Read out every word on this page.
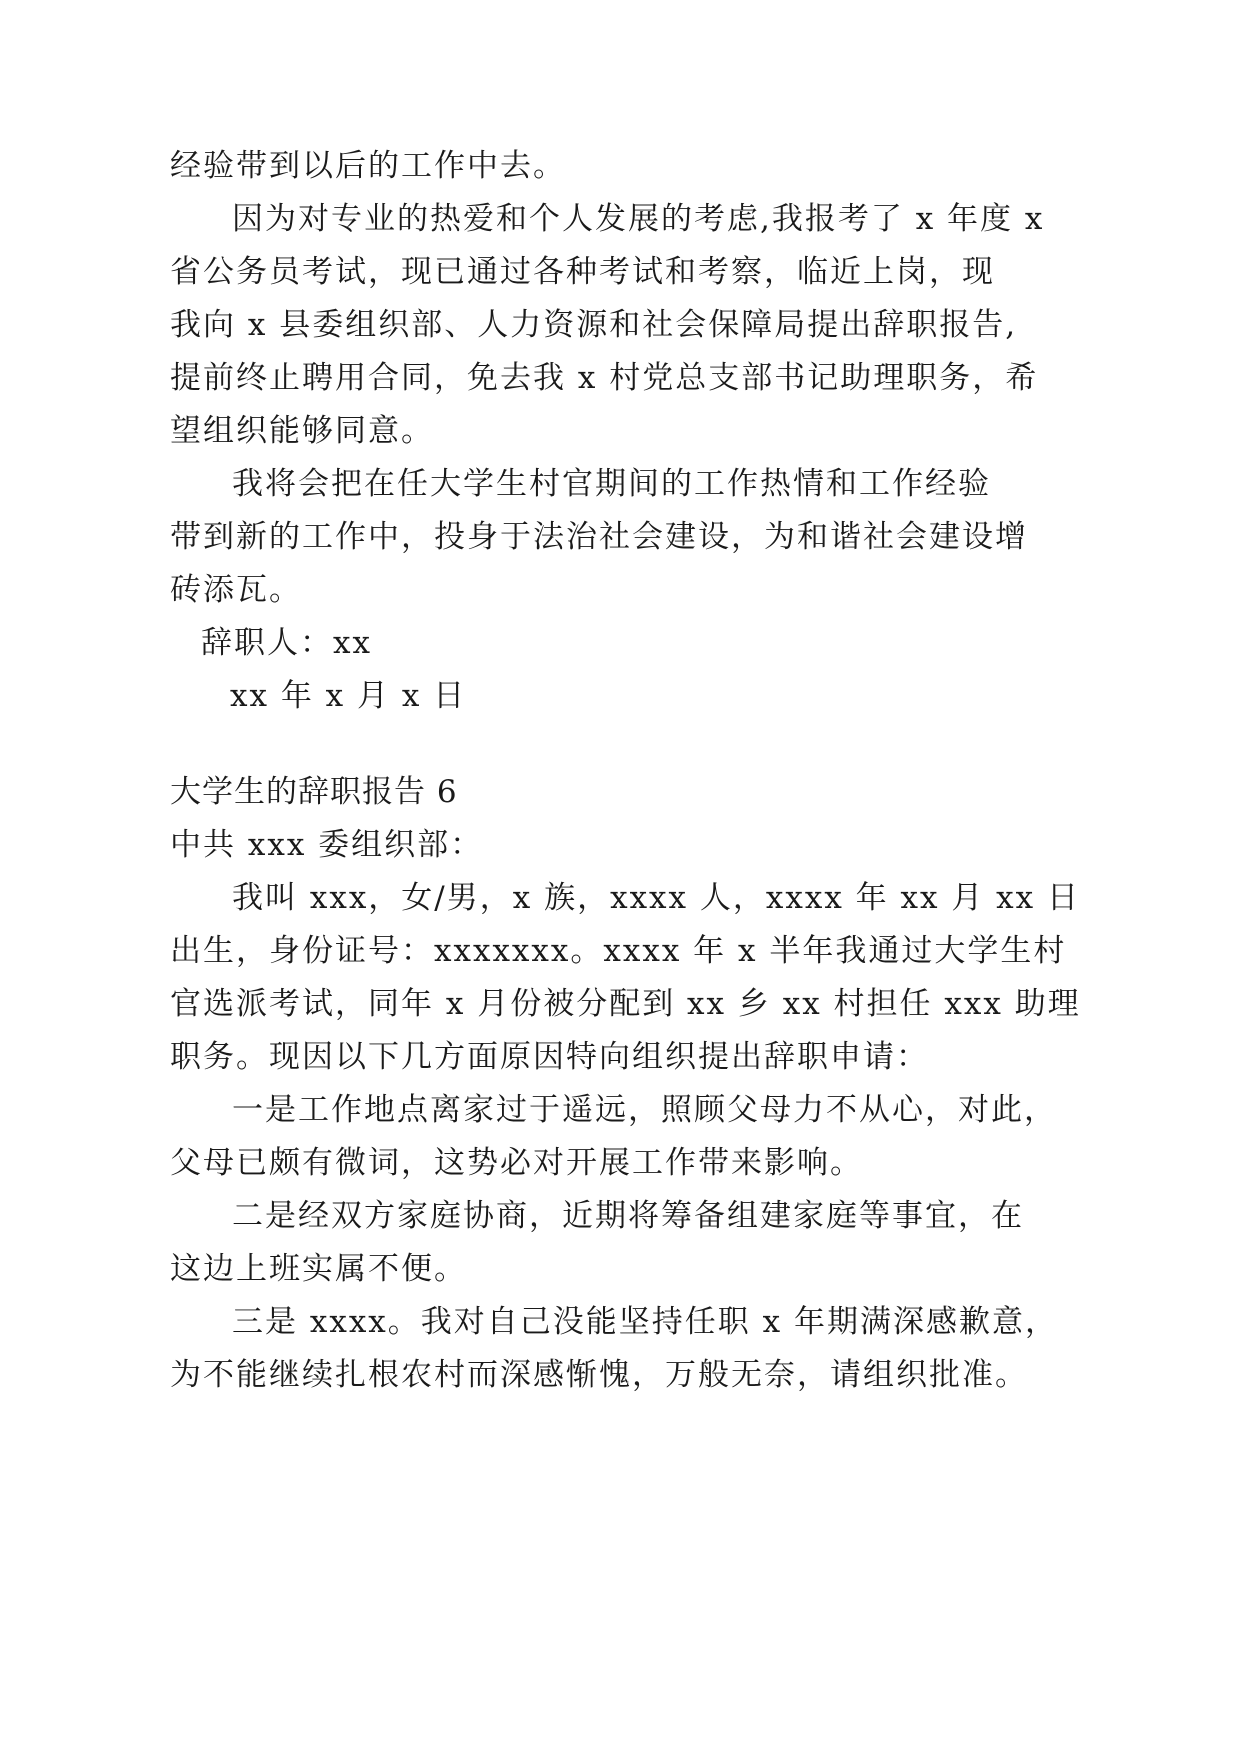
经验带到以后的工作中去。
因为对专业的热爱和个人发展的考虑,我报考了 x 年度 x
省公务员考试，现已通过各种考试和考察，临近上岗，现
我向 x 县委组织部、人力资源和社会保障局提出辞职报告,
提前终止聘用合同，免去我 x 村党总支部书记助理职务，希
望组织能够同意。
我将会把在任大学生村官期间的工作热情和工作经验
带到新的工作中，投身于法治社会建设，为和谐社会建设增
砖添瓦。
辞职人：xx
xx 年 x 月 x 日
大学生的辞职报告 6
中共 xxx 委组织部：
我叫 xxx，女/男，x 族，xxxx 人，xxxx 年 xx 月 xx 日
出生，身份证号：xxxxxxx。xxxx 年 x 半年我通过大学生村
官选派考试，同年 x 月份被分配到 xx 乡 xx 村担任 xxx 助理
职务。现因以下几方面原因特向组织提出辞职申请：
一是工作地点离家过于遥远，照顾父母力不从心，对此，
父母已颇有微词，这势必对开展工作带来影响。
二是经双方家庭协商，近期将筹备组建家庭等事宜，在
这边上班实属不便。
三是 xxxx。我对自己没能坚持任职 x 年期满深感歉意，
为不能继续扎根农村而深感惭愧，万般无奈，请组织批准。
